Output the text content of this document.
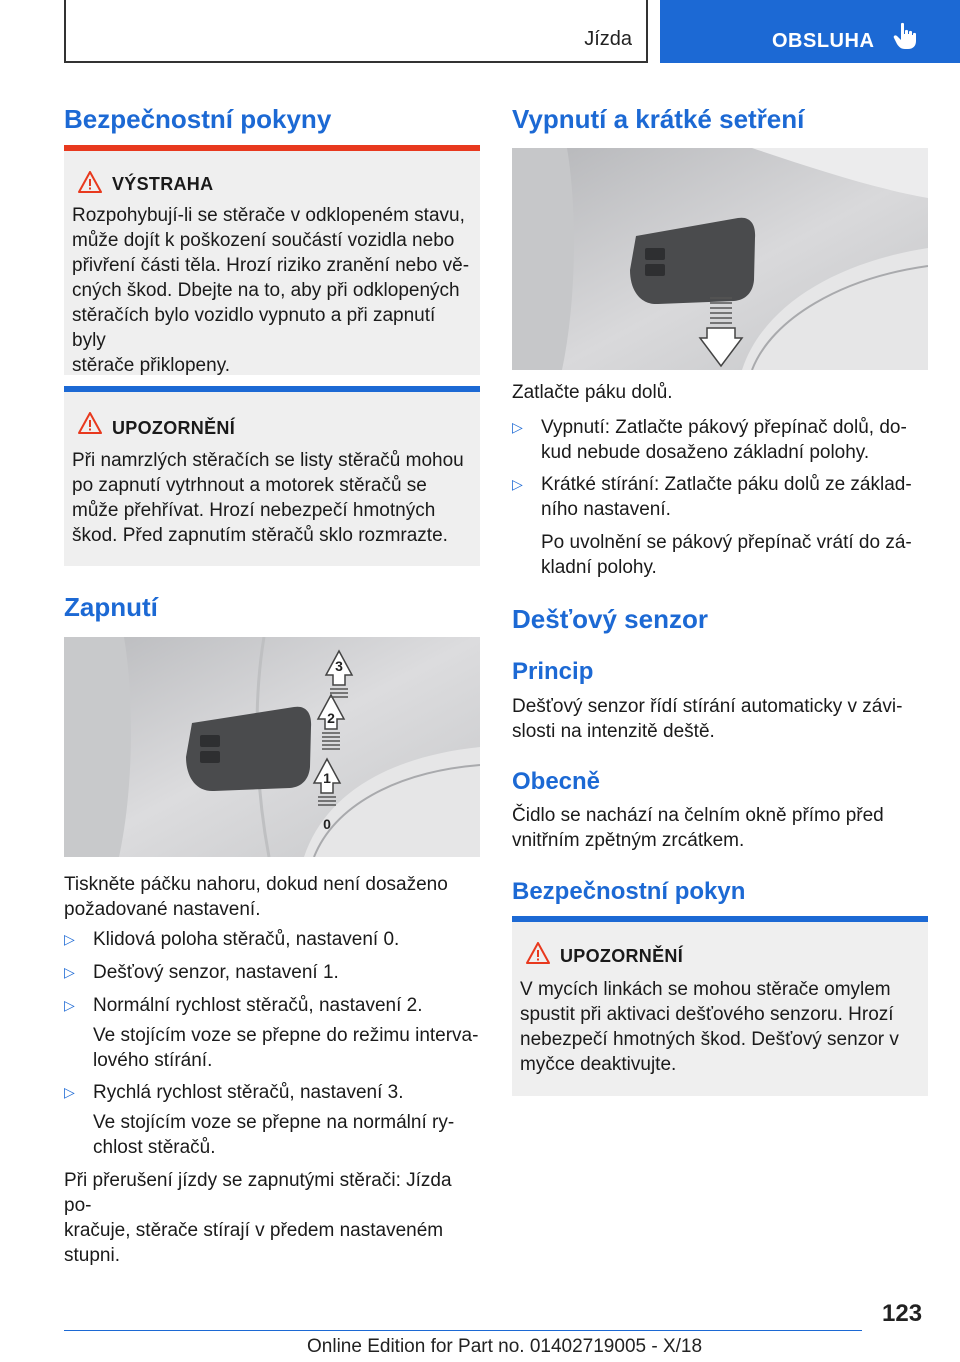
Jízda	OBSLUHA
Bezpečnostní pokyny
VÝSTRAHA
Rozpohybují-li se stěrače v odklopeném stavu,
může dojít k poškození součástí vozidla nebo
přivření části těla. Hrozí riziko zranění nebo vě-
cných škod. Dbejte na to, aby při odklopených
stěračích bylo vozidlo vypnuto a při zapnutí byly
stěrače přiklopeny.
UPOZORNĚNÍ
Při namrzlých stěračích se listy stěračů mohou
po zapnutí vytrhnout a motorek stěračů se
může přehřívat. Hrozí nebezpečí hmotných
škod. Před zapnutím stěračů sklo rozmrazte.
Zapnutí
3
2
1
0
Tiskněte páčku nahoru, dokud není dosaženo
požadované nastavení.
▷ Klidová poloha stěračů, nastavení 0.
▷ Dešťový senzor, nastavení 1.
▷ Normální rychlost stěračů, nastavení 2.
Ve stojícím voze se přepne do režimu interva-
lového stírání.
▷ Rychlá rychlost stěračů, nastavení 3.
Ve stojícím voze se přepne na normální ry-
chlost stěračů.
Při přerušení jízdy se zapnutými stěrači: Jízda po-
kračuje, stěrače stírají v předem nastaveném
stupni.
Vypnutí a krátké setření
Zatlačte páku dolů.
▷ Vypnutí: Zatlačte pákový přepínač dolů, do-
kud nebude dosaženo základní polohy.
▷ Krátké stírání: Zatlačte páku dolů ze základ-
ního nastavení.
Po uvolnění se pákový přepínač vrátí do zá-
kladní polohy.
Dešťový senzor
Princip
Dešťový senzor řídí stírání automaticky v závi-
slosti na intenzitě deště.
Obecně
Čidlo se nachází na čelním okně přímo před
vnitřním zpětným zrcátkem.
Bezpečnostní pokyn
UPOZORNĚNÍ
V mycích linkách se mohou stěrače omylem
spustit při aktivaci dešťového senzoru. Hrozí
nebezpečí hmotných škod. Dešťový senzor v
myčce deaktivujte.
123
Online Edition for Part no. 01402719005 - X/18
